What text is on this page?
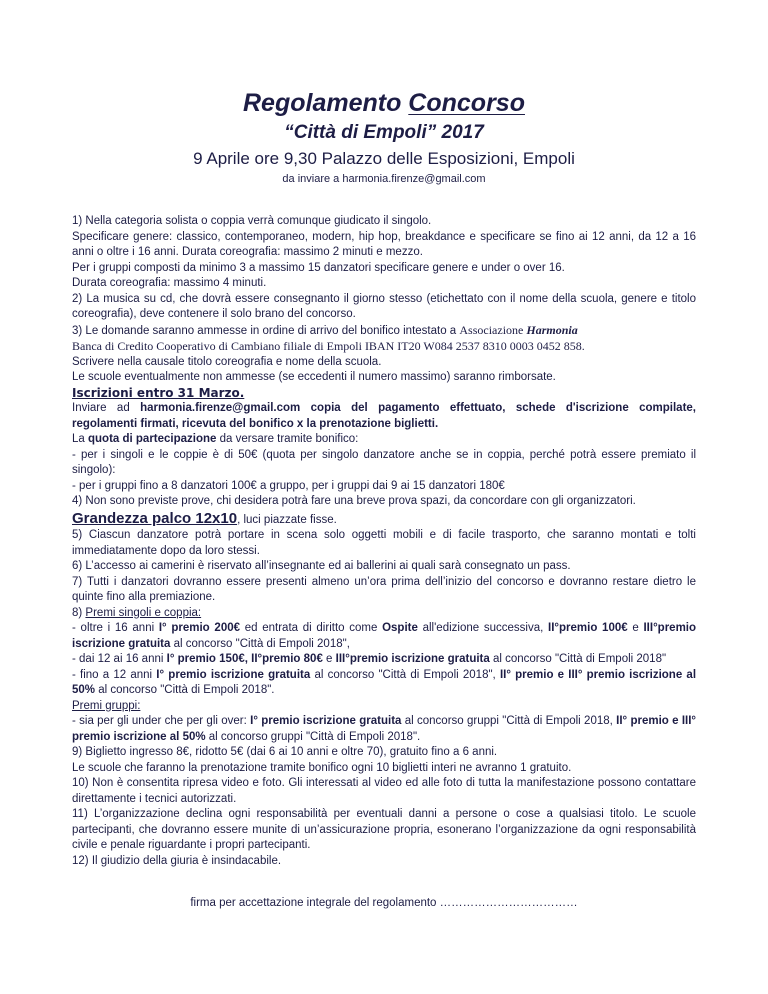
Regolamento Concorso
“Città di Empoli” 2017
9 Aprile ore 9,30 Palazzo delle Esposizioni, Empoli
da inviare a harmonia.firenze@gmail.com

1) Nella categoria solista o coppia verrà comunque giudicato il singolo.

Specificare genere: classico, contemporaneo, modern, hip hop, breakdance e specificare se fino ai 12 anni, da 12 a 16 anni o oltre i 16 anni. Durata coreografia: massimo 2 minuti e mezzo.

Per i gruppi composti da minimo 3 a massimo 15 danzatori specificare genere e under o over 16.

Durata coreografia: massimo 4 minuti.

2) La musica su cd, che dovrà essere consegnanto il giorno stesso (etichettato con il nome della scuola, genere e titolo coreografia), deve contenere il solo brano del concorso.

3) Le domande saranno ammesse in ordine di arrivo del bonifico intestato a Associazione Harmonia

Banca di Credito Cooperativo di Cambiano filiale di Empoli IBAN IT20 W084 2537 8310 0003 0452 858.

Scrivere nella causale titolo coreografia e nome della scuola.

Le scuole eventualmente non ammesse (se eccedenti il numero massimo) saranno rimborsate.

Iscrizioni entro 31 Marzo.

Inviare ad harmonia.firenze@gmail.com copia del pagamento effettuato, schede d'iscrizione compilate, regolamenti firmati, ricevuta del bonifico x la prenotazione biglietti.

La quota di partecipazione da versare tramite bonifico:

- per i singoli e le coppie è di 50€ (quota per singolo danzatore anche se in coppia, perché potrà essere premiato il singolo):

- per i gruppi fino a 8 danzatori 100€ a gruppo, per i gruppi dai 9 ai 15 danzatori 180€

4) Non sono previste prove, chi desidera potrà fare una breve prova spazi, da concordare con gli organizzatori.

Grandezza palco 12x10, luci piazzate fisse.

5) Ciascun danzatore potrà portare in scena solo oggetti mobili e di facile trasporto, che saranno montati e tolti immediatamente dopo da loro stessi.

6) L’accesso ai camerini è riservato all’insegnante ed ai ballerini ai quali sarà consegnato un pass.

7) Tutti i danzatori dovranno essere presenti almeno un’ora prima dell’inizio del concorso e dovranno restare dietro le quinte fino alla premiazione.

8) Premi singoli e coppia:

- oltre i 16 anni I° premio 200€ ed entrata di diritto come Ospite all'edizione successiva, II°premio 100€ e III°premio iscrizione gratuita al concorso "Città di Empoli 2018",

- dai 12 ai 16 anni I° premio 150€, II°premio 80€ e III°premio iscrizione gratuita al concorso "Città di Empoli 2018"

- fino a 12 anni I° premio iscrizione gratuita al concorso "Città di Empoli 2018", II° premio e III° premio iscrizione al 50% al concorso "Città di Empoli 2018".

Premi gruppi:

- sia per gli under che per gli over: I° premio iscrizione gratuita al concorso gruppi "Città di Empoli 2018, II° premio e III° premio iscrizione al 50% al concorso gruppi "Città di Empoli 2018".

9) Biglietto ingresso 8€, ridotto 5€ (dai 6 ai 10 anni e oltre 70), gratuito fino a 6 anni.

Le scuole che faranno la prenotazione tramite bonifico ogni 10 biglietti interi ne avranno 1 gratuito.

10) Non è consentita ripresa video e foto. Gli interessati al video ed alle foto di tutta la manifestazione possono contattare direttamente i tecnici autorizzati.

11) L’organizzazione declina ogni responsabilità per eventuali danni a persone o cose a qualsiasi titolo. Le scuole partecipanti, che dovranno essere munite di un’assicurazione propria, esonerano l’organizzazione da ogni responsabilità civile e penale riguardante i propri partecipanti.

12) Il giudizio della giuria è insindacabile.

firma per accettazione integrale del regolamento ………………………………
